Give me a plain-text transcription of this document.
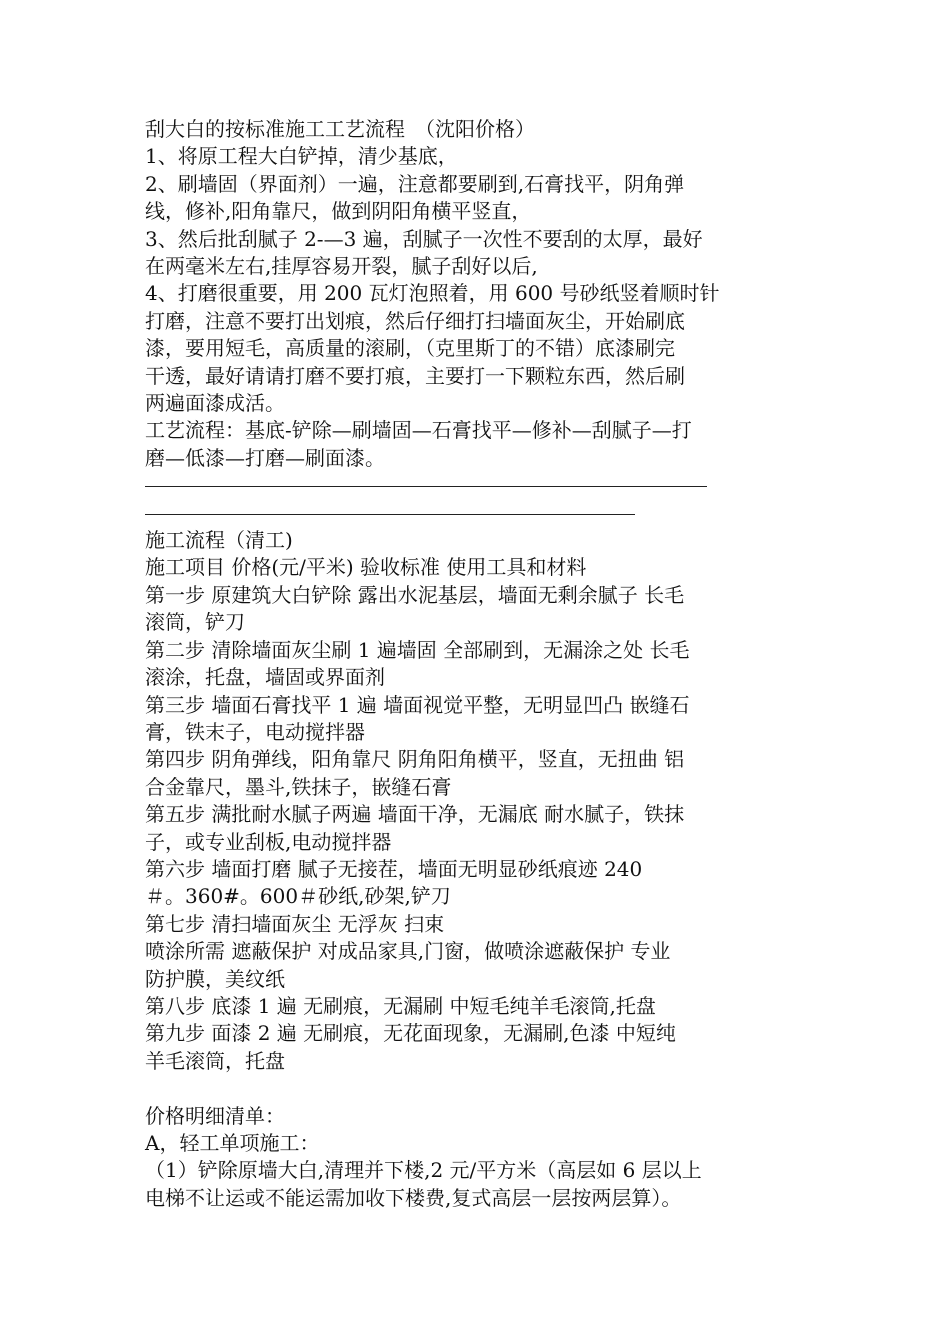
刮大白的按标准施工工艺流程　（沈阳价格）
1、将原工程大白铲掉，清少基底，
2、刷墙固（界面剂）一遍，注意都要刷到,石膏找平，阴角弹
线，修补,阳角靠尺，做到阴阳角横平竖直，
3、然后批刮腻子 2-—3 遍，刮腻子一次性不要刮的太厚，最好
在两毫米左右,挂厚容易开裂，腻子刮好以后,
4、打磨很重要，用 200 瓦灯泡照着，用 600 号砂纸竖着顺时针
打磨，注意不要打出划痕，然后仔细打扫墙面灰尘，开始刷底
漆，要用短毛，高质量的滚刷，（克里斯丁的不错）底漆刷完
干透，最好请请打磨不要打痕，主要打一下颗粒东西，然后刷
两遍面漆成活。
工艺流程：基底-铲除—刷墙固—石膏找平—修补—刮腻子—打
磨—低漆—打磨—刷面漆。
施工流程（清工)
施工项目 价格(元/平米) 验收标准 使用工具和材料
第一步 原建筑大白铲除 露出水泥基层，墙面无剩余腻子 长毛
滚筒，铲刀
第二步 清除墙面灰尘刷 1 遍墙固 全部刷到，无漏涂之处 长毛
滚涂，托盘，墙固或界面剂
第三步 墙面石膏找平 1 遍 墙面视觉平整，无明显凹凸 嵌缝石
膏，铁末子，电动搅拌器
第四步 阴角弹线，阳角靠尺 阴角阳角横平，竖直，无扭曲 铝
合金靠尺，墨斗,铁抹子，嵌缝石膏
第五步 满批耐水腻子两遍 墙面干净，无漏底 耐水腻子，铁抹
子，或专业刮板,电动搅拌器
第六步 墙面打磨 腻子无接茬，墙面无明显砂纸痕迹 240
＃。360#。600＃砂纸,砂架,铲刀
第七步 清扫墙面灰尘 无浮灰 扫束
喷涂所需 遮蔽保护 对成品家具,门窗，做喷涂遮蔽保护 专业
防护膜，美纹纸
第八步 底漆 1 遍 无刷痕，无漏刷 中短毛纯羊毛滚筒,托盘
第九步 面漆 2 遍 无刷痕，无花面现象，无漏刷,色漆 中短纯
羊毛滚筒，托盘
价格明细清单：
A，轻工单项施工：
（1）铲除原墙大白,清理并下楼,2 元/平方米（高层如 6 层以上
电梯不让运或不能运需加收下楼费,复式高层一层按两层算）。
